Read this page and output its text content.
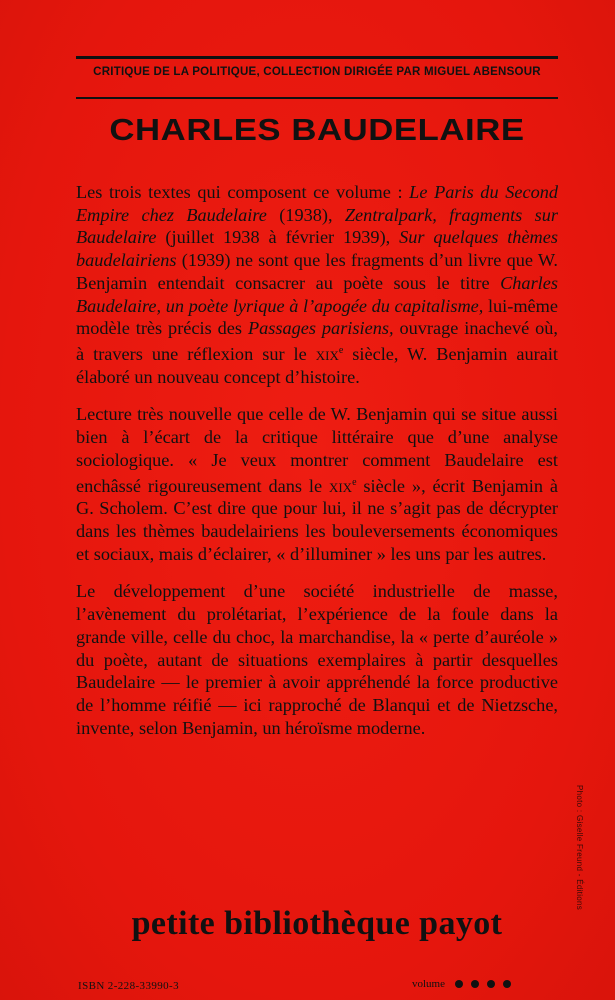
CRITIQUE DE LA POLITIQUE, COLLECTION DIRIGÉE PAR MIGUEL ABENSOUR
CHARLES BAUDELAIRE

Les trois textes qui composent ce volume : Le Paris du Second Empire chez Baudelaire (1938), Zentralpark, fragments sur Baudelaire (juillet 1938 à février 1939), Sur quelques thèmes baudelairiens (1939) ne sont que les fragments d’un livre que W. Benjamin entendait consacrer au poète sous le titre Charles Baudelaire, un poète lyrique à l’apogée du capitalisme, lui-même modèle très précis des Passages parisiens, ouvrage inachevé où, à travers une réflexion sur le xix$^e$ siècle, W. Benjamin aurait élaboré un nouveau concept d’histoire.

Lecture très nouvelle que celle de W. Benjamin qui se situe aussi bien à l’écart de la critique littéraire que d’une analyse sociologique. « Je veux montrer comment Baudelaire est enchâssé rigoureusement dans le xix$^e$ siècle », écrit Benjamin à G. Scholem. C’est dire que pour lui, il ne s’agit pas de décrypter dans les thèmes baudelairiens les bouleversements économiques et sociaux, mais d’éclairer, « d’illuminer » les uns par les autres.

Le développement d’une société industrielle de masse, l’avènement du prolétariat, l’expérience de la foule dans la grande ville, celle du choc, la marchandise, la « perte d’auréole » du poète, autant de situations exemplaires à partir desquelles Baudelaire — le premier à avoir appréhendé la force productive de l’homme réifié — ici rapproché de Blanqui et de Nietzsche, invente, selon Benjamin, un héroïsme moderne.

Photo : Giselle Freund - Éditions
petite bibliothèque payot
ISBN 2-228-33990-3	volume
